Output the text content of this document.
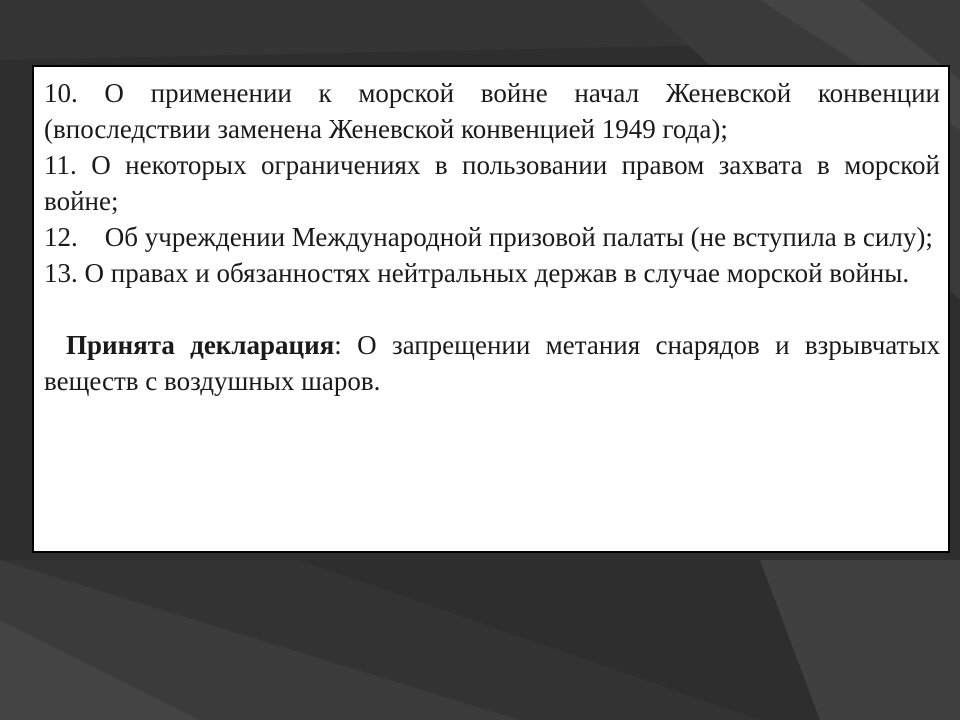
10. О применении к морской войне начал Женевской конвенции (впоследствии заменена Женевской конвенцией 1949 года);

11. О некоторых ограничениях в пользовании правом захвата в морской войне;

12.    Об учреждении Международной призовой палаты (не вступила в силу);

13. О правах и обязанностях нейтральных держав в случае морской войны.

Принята декларация: О запрещении метания снарядов и взрывчатых веществ с воздушных шаров.
